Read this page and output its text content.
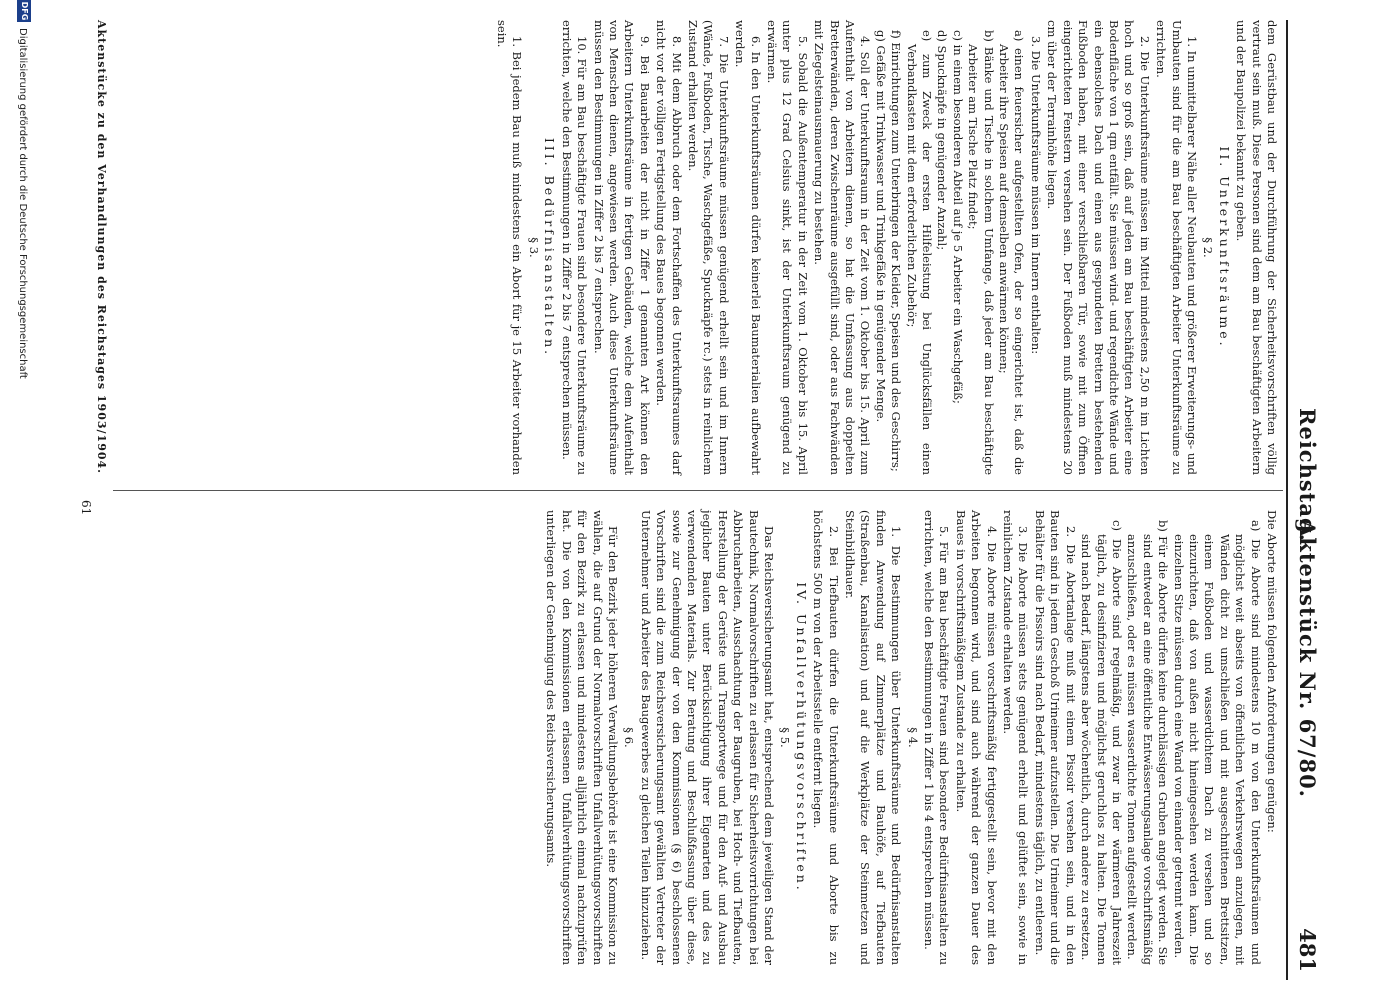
Reichstag.
Aktenstück Nr. 67/80.
481

dem Gerüstbau und der Durchführung der Sicherheitsvorschriften völlig vertraut sein muß. Diese Personen sind dem am Bau beschäftigten Arbeitern und der Baupolizei bekannt zu geben.

II. Unterkunftsräume.

§ 2.

1. In unmittelbarer Nähe aller Neubauten und größerer Erweiterungs- und Umbauten sind für die am Bau beschäftigten Arbeiter Unterkunftsräume zu errichten.

2. Die Unterkunftsräume müssen im Mittel mindestens 2,50 m im Lichten hoch und so groß sein, daß auf jeden am Bau beschäftigten Arbeiter eine Bodenfläche von 1 qm entfällt. Sie müssen wind- und regendichte Wände und ein ebensolches Dach und einen aus gespundeten Brettern bestehenden Fußboden haben, mit einer verschließbaren Tür, sowie mit zum Öffnen eingerichteten Fenstern versehen sein. Der Fußboden muß mindestens 20 cm über der Terrainhöhe liegen.

3. Die Unterkunftsräume müssen im Innern enthalten:

a) einen feuersicher aufgestellten Ofen, der so eingerichtet ist, daß die Arbeiter ihre Speisen auf demselben anwärmen können;

b) Bänke und Tische in solchem Umfange, daß jeder am Bau beschäftigte Arbeiter am Tische Platz findet;

c) in einem besonderen Abteil auf je 5 Arbeiter ein Waschgefäß;

d) Spucknäpfe in genügender Anzahl;

e) zum Zweck der ersten Hilfeleistung bei Unglücksfällen einen Verbandkasten mit dem erforderlichen Zubehör;

f) Einrichtungen zum Unterbringen der Kleider, Speisen und des Geschirrs;

g) Gefäße mit Trinkwasser und Trinkgefäße in genügender Menge.

4. Soll der Unterkunftsraum in der Zeit vom 1. Oktober bis 15. April zum Aufenthalt von Arbeitern dienen, so hat die Umfassung aus doppelten Bretterwänden, deren Zwischenräume ausgefüllt sind, oder aus Fachwänden mit Ziegelsteinausmauerung zu bestehen.

5. Sobald die Außentemperatur in der Zeit vom 1. Oktober bis 15. April unter plus 12 Grad Celsius sinkt, ist der Unterkunftsraum genügend zu erwärmen.

6. In den Unterkunftsräumen dürfen keinerlei Baumaterialien aufbewahrt werden.

7. Die Unterkunftsräume müssen genügend erhellt sein und im Innern (Wände, Fußboden, Tische, Waschgefäße, Spucknäpfe rc.) stets in reinlichem Zustand erhalten werden.

8. Mit dem Abbruch oder dem Fortschaffen des Unterkunftsraumes darf nicht vor der völligen Fertigstellung des Baues begonnen werden.

9. Bei Bauarbeiten der nicht in Ziffer 1 genannten Art können den Arbeitern Unterkunftsräume in fertigen Gebäuden, welche dem Aufenthalt von Menschen dienen, angewiesen werden. Auch diese Unterkunftsräume müssen den Bestimmungen in Ziffer 2 bis 7 entsprechen.

10. Für am Bau beschäftigte Frauen sind besondere Unterkunftsräume zu errichten, welche den Bestimmungen in Ziffer 2 bis 7 entsprechen müssen.

III. Bedürfnisanstalten.

§ 3.

1. Bei jedem Bau muß mindestens ein Abort für je 15 Arbeiter vorhanden sein.

Aktenstücke zu den Verhandlungen des Reichstages 1903/1904.

Die Aborte müssen folgenden Anforderungen genügen:

a) Die Aborte sind mindestens 10 m von den Unterkunftsräumen und möglichst weit abseits von öffentlichen Verkehrswegen anzulegen, mit Wänden dicht zu umschließen und mit ausgeschnittenen Brettsitzen, einem Fußboden und wasserdichtem Dach zu versehen und so einzurichten, daß von außen nicht hineingesehen werden kann. Die einzelnen Sitze müssen durch eine Wand von einander getrennt werden.

b) Für die Aborte dürfen keine durchlässigen Gruben angelegt werden. Sie sind entweder an eine öffentliche Entwässerungsanlage vorschriftsmäßig anzuschließen, oder es müssen wasserdichte Tonnen aufgestellt werden.

c) Die Aborte sind regelmäßig, und zwar in der wärmeren Jahreszeit täglich, zu desinfizieren und möglichst geruchlos zu halten. Die Tonnen sind nach Bedarf, längstens aber wöchentlich, durch andere zu ersetzen.

2. Die Abortanlage muß mit einem Pissoir versehen sein, und in den Bauten sind in jedem Geschoß Urineimer aufzustellen. Die Urineimer und die Behälter für die Pissoirs sind nach Bedarf, mindestens täglich, zu entleeren.

3. Die Aborte müssen stets genügend erhellt und gelüftet sein, sowie in reinlichem Zustande erhalten werden.

4. Die Aborte müssen vorschriftsmäßig fertiggestellt sein, bevor mit den Arbeiten begonnen wird, und sind auch während der ganzen Dauer des Baues in vorschriftsmäßigem Zustande zu erhalten.

5. Für am Bau beschäftigte Frauen sind besondere Bedürfnisanstalten zu errichten, welche den Bestimmungen in Ziffer 1 bis 4 entsprechen müssen.

§ 4.

1. Die Bestimmungen über Unterkunftsräume und Bedürfnisanstalten finden Anwendung auf Zimmerplätze und Bauhöfe, auf Tiefbauten (Straßenbau, Kanalisation) und auf die Werkplätze der Steinmetzen und Steinbildhauer.

2. Bei Tiefbauten dürfen die Unterkunftsräume und Aborte bis zu höchstens 500 m von der Arbeitsstelle entfernt liegen.

IV. Unfallverhütungsvorschriften.

§ 5.

Das Reichsversicherungsamt hat, entsprechend dem jeweiligen Stand der Bautechnik, Normalvorschriften zu erlassen für Sicherheitsvorrichtungen bei Abbrucharbeiten, Ausschachtung der Baugruben, bei Hoch- und Tiefbauten, Herstellung der Gerüste und Transportwege und für den Auf- und Ausbau jeglicher Bauten unter Berücksichtigung ihrer Eigenarten und des zu verwendenden Materials. Zur Beratung und Beschlußfassung über diese, sowie zur Genehmigung der von den Kommissionen (§ 6) beschlossenen Vorschriften sind die zum Reichsversicherungsamt gewählten Vertreter der Unternehmer und Arbeiter des Baugewerbes zu gleichen Teilen hinzuziehen.

§ 6.

Für den Bezirk jeder höheren Verwaltungsbehörde ist eine Kommission zu wählen, die auf Grund der Normalvorschriften Unfallverhütungsvorschriften für den Bezirk zu erlassen und mindestens alljährlich einmal nachzuprüfen hat. Die von den Kommissionen erlassenen Unfallverhütungsvorschriften unterliegen der Genehmigung des Reichsversicherungsamts.

61
DFG
Digitalisierung gefördert durch die Deutsche Forschungsgemeinschaft
